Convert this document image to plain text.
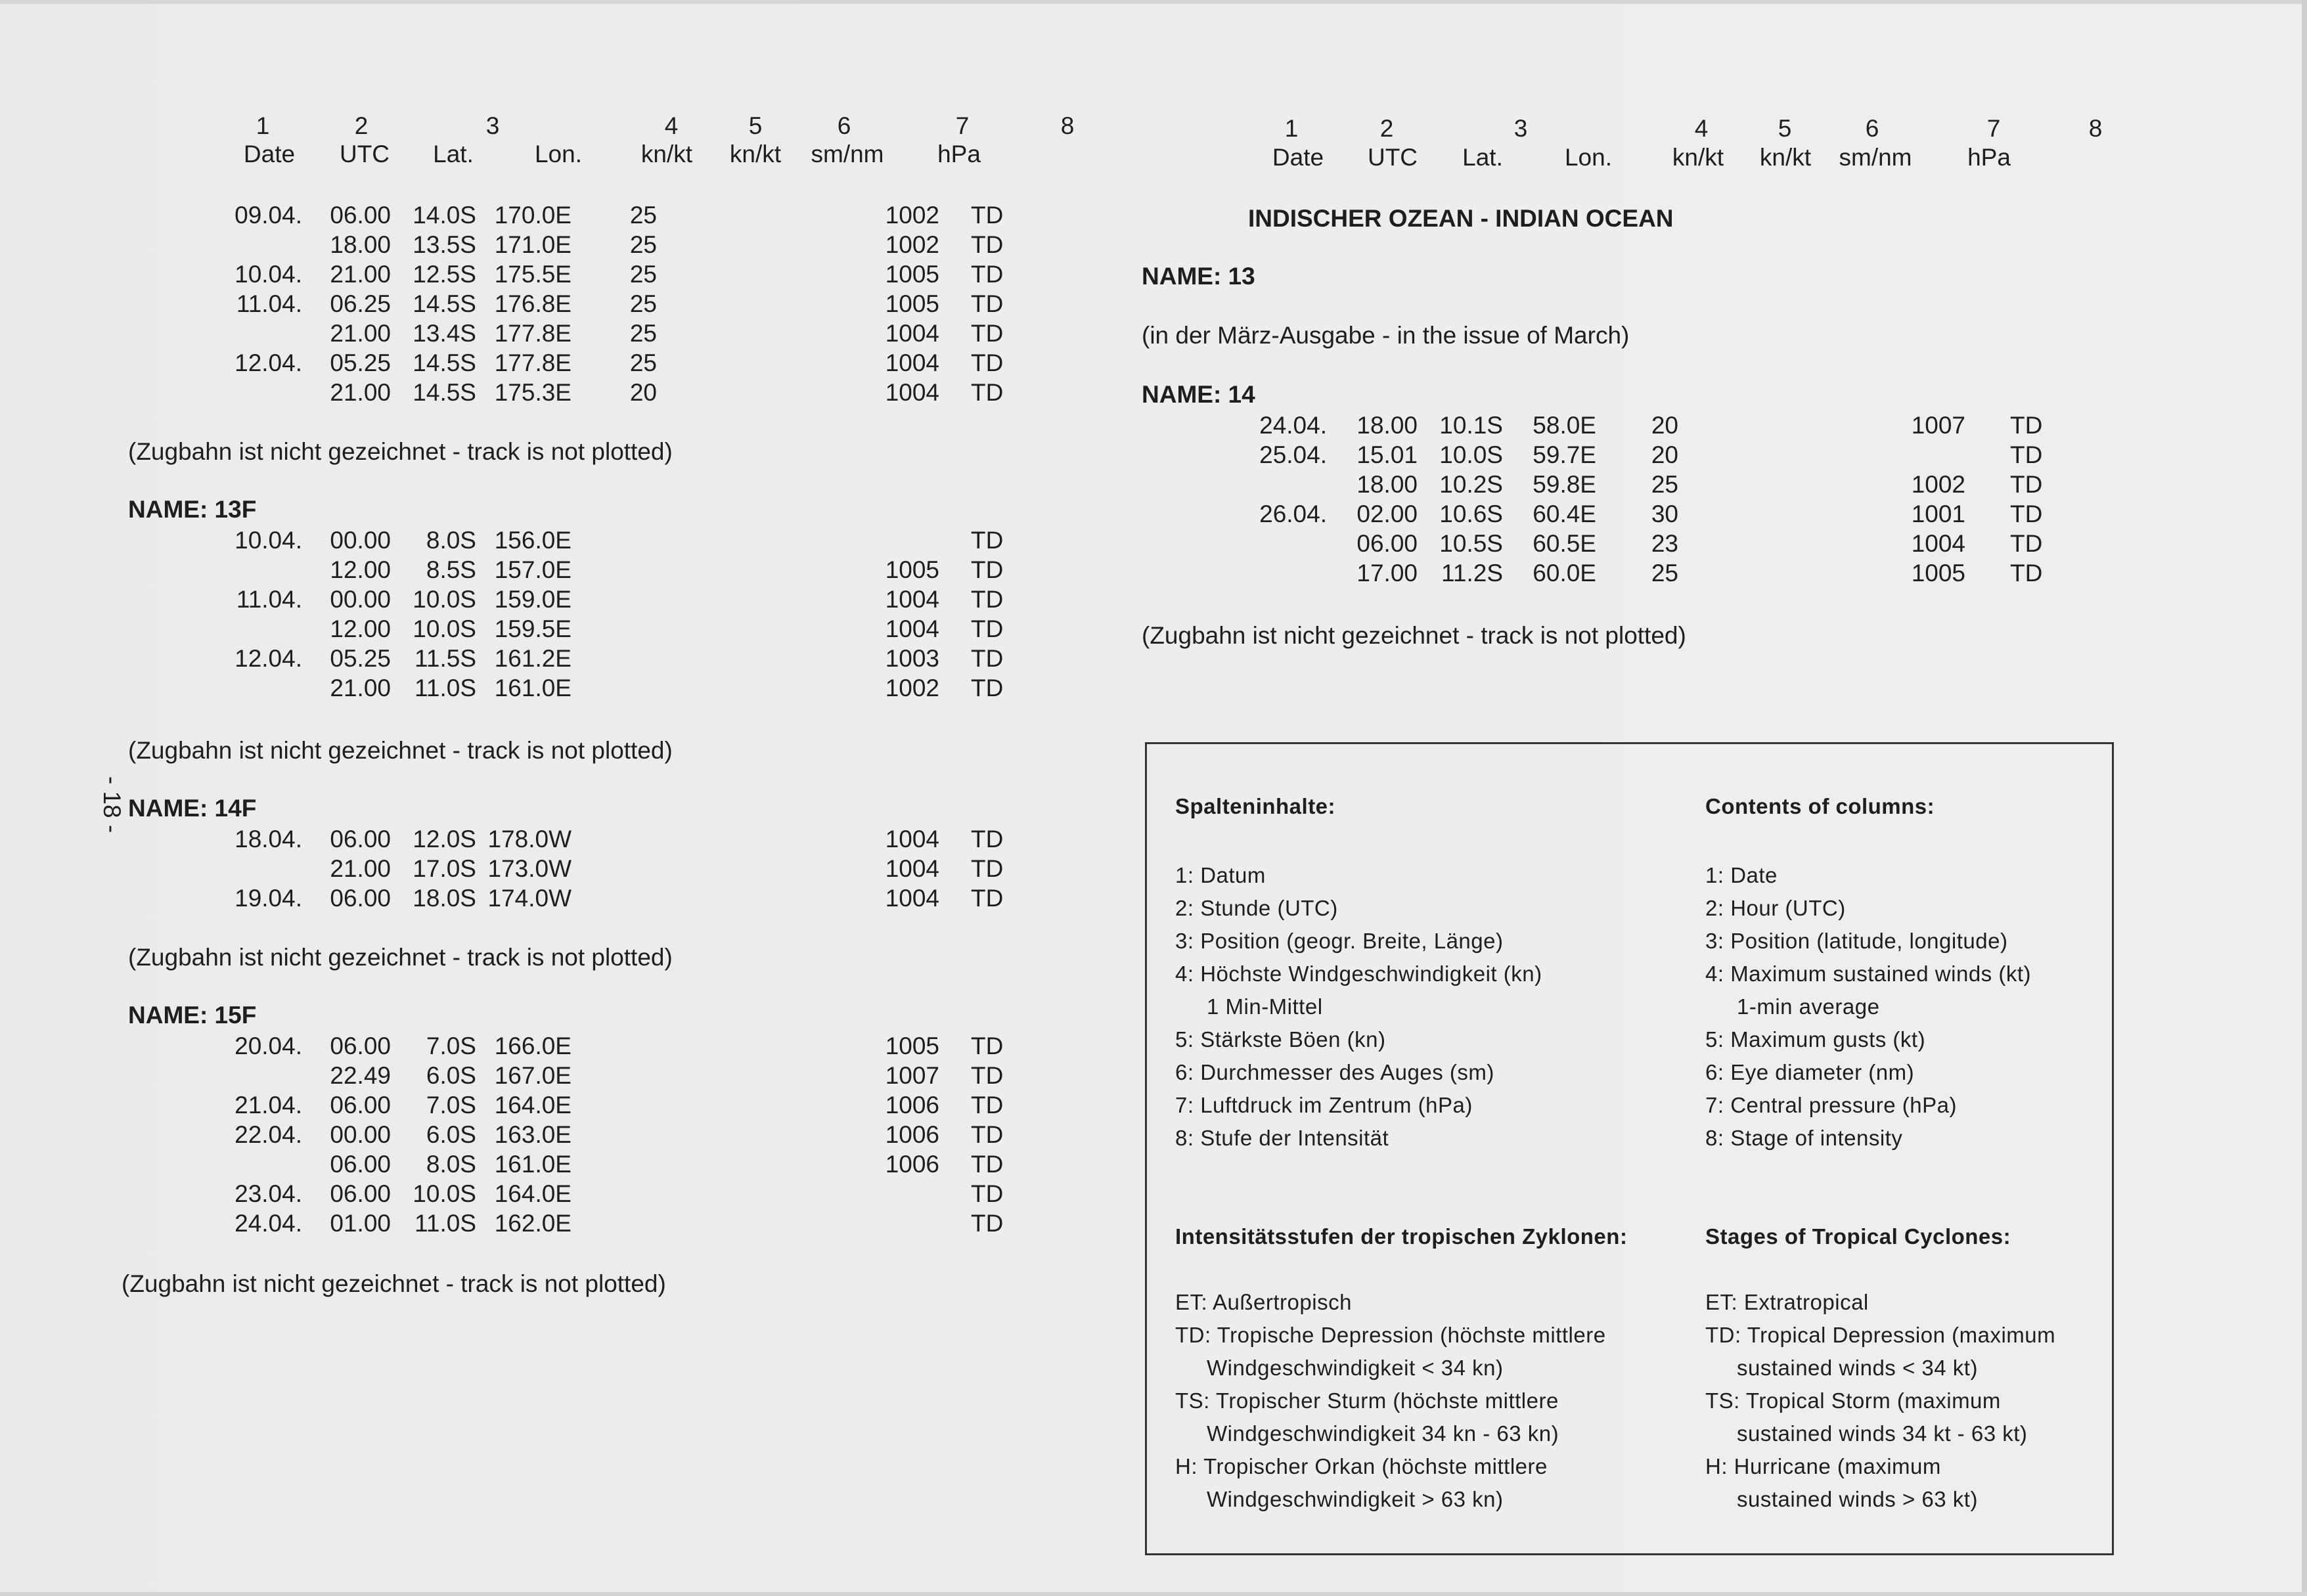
- 18 -
1	2	3	4	5	6	7	8
Date	UTC	Lat.	Lon.	kn/kt	kn/kt	sm/nm	hPa
09.04.	06.00 14.0S 170.0E	25	1002 TD
18.00 13.5S 171.0E	25	1002 TD
10.04.	21.00 12.5S 175.5E	25	1005 TD
11.04.	06.25 14.5S 176.8E	25	1005 TD
21.00 13.4S 177.8E	25	1004 TD
12.04.	05.25 14.5S 177.8E	25	1004 TD
21.00 14.5S 175.3E	20	1004 TD
(Zugbahn ist nicht gezeichnet - track is not plotted)
NAME: 13F
10.04.	00.00	8.0S 156.0E	TD
12.00	8.5S 157.0E	1005 TD
11.04.	00.00 10.0S 159.0E	1004 TD
12.00 10.0S 159.5E	1004 TD
12.04.	05.25 11.5S 161.2E	1003 TD
21.00 11.0S 161.0E	1002 TD
(Zugbahn ist nicht gezeichnet - track is not plotted)
NAME: 14F
18.04.	06.00 12.0S 178.0W	1004 TD
21.00 17.0S 173.0W	1004 TD
19.04.	06.00 18.0S 174.0W	1004 TD
(Zugbahn ist nicht gezeichnet - track is not plotted)
NAME: 15F
20.04.	06.00	7.0S 166.0E	1005 TD
22.49	6.0S 167.0E	1007 TD
21.04.	06.00	7.0S 164.0E	1006 TD
22.04.	00.00	6.0S 163.0E	1006 TD
06.00	8.0S 161.0E	1006 TD
23.04.	06.00 10.0S 164.0E	TD
24.04.	01.00 11.0S 162.0E	TD
(Zugbahn ist nicht gezeichnet - track is not plotted)
1	2	3	4	5	6	7	8
Date	UTC	Lat.	Lon.	kn/kt	kn/kt	sm/nm	hPa
INDISCHER OZEAN - INDIAN OCEAN
NAME: 13
(in der März-Ausgabe - in the issue of March)
NAME: 14
24.04.	18.00 10.1S	58.0E	20	1007 TD
25.04.	15.01 10.0S	59.7E	20	TD
18.00 10.2S	59.8E	25	1002 TD
26.04.	02.00 10.6S	60.4E	30	1001 TD
06.00 10.5S	60.5E	23	1004 TD
17.00 11.2S	60.0E	25	1005 TD
(Zugbahn ist nicht gezeichnet - track is not plotted)
Spalteninhalte:	Contents of columns:
1: Datum
2: Stunde (UTC)
3: Position (geogr. Breite, Länge)
4: Höchste Windgeschwindigkeit (kn)
1 Min-Mittel
5: Stärkste Böen (kn)
6: Durchmesser des Auges (sm)
7: Luftdruck im Zentrum (hPa)
8: Stufe der Intensität
1: Date
2: Hour (UTC)
3: Position (latitude, longitude)
4: Maximum sustained winds (kt)
1-min average
5: Maximum gusts (kt)
6: Eye diameter (nm)
7: Central pressure (hPa)
8: Stage of intensity
Intensitätsstufen der tropischen Zyklonen:	Stages of Tropical Cyclones:
ET: Außertropisch
TD: Tropische Depression (höchste mittlere
Windgeschwindigkeit < 34 kn)
TS: Tropischer Sturm (höchste mittlere
Windgeschwindigkeit 34 kn - 63 kn)
H: Tropischer Orkan (höchste mittlere
Windgeschwindigkeit > 63 kn)
ET: Extratropical
TD: Tropical Depression (maximum
sustained winds < 34 kt)
TS: Tropical Storm (maximum
sustained winds 34 kt - 63 kt)
H: Hurricane (maximum
sustained winds > 63 kt)
